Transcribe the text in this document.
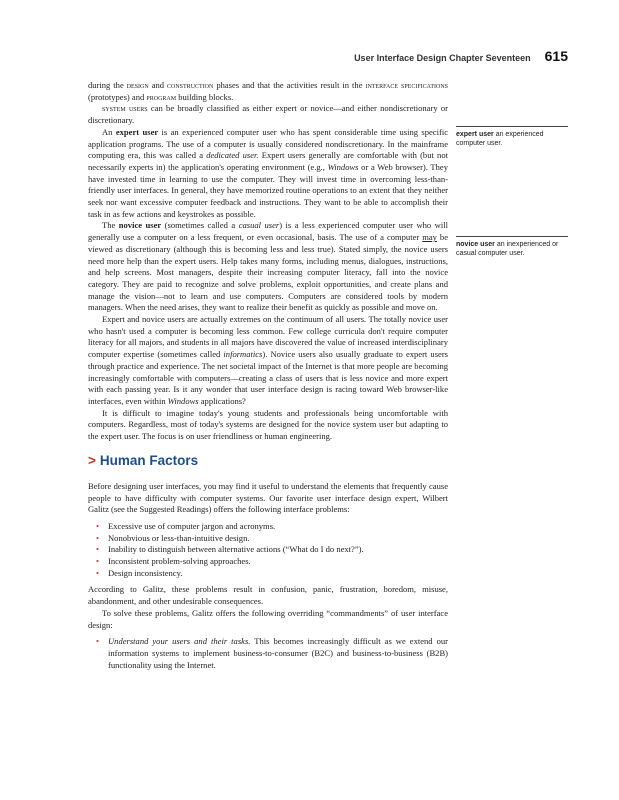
User Interface Design Chapter Seventeen 615

during the design and construction phases and that the activities result in the interface specifications (prototypes) and program building blocks.

system users can be broadly classified as either expert or novice—and either nondiscretionary or discretionary.

An expert user is an experienced computer user who has spent considerable time using specific application programs. The use of a computer is usually considered nondiscretionary. In the mainframe computing era, this was called a dedicated user. Expert users generally are comfortable with (but not necessarily experts in) the application's operating environment (e.g., Windows or a Web browser). They have invested time in learning to use the computer. They will invest time in overcoming less-than-friendly user interfaces. In general, they have memorized routine operations to an extent that they neither seek nor want excessive computer feedback and instructions. They want to be able to accomplish their task in as few actions and keystrokes as possible.

The novice user (sometimes called a casual user) is a less experienced computer user who will generally use a computer on a less frequent, or even occasional, basis. The use of a computer may be viewed as discretionary (although this is becoming less and less true). Stated simply, the novice users need more help than the expert users. Help takes many forms, including menus, dialogues, instructions, and help screens. Most managers, despite their increasing computer literacy, fall into the novice category. They are paid to recognize and solve problems, exploit opportunities, and create plans and manage the vision—not to learn and use computers. Computers are considered tools by modern managers. When the need arises, they want to realize their benefit as quickly as possible and move on.

Expert and novice users are actually extremes on the continuum of all users. The totally novice user who hasn't used a computer is becoming less common. Few college curricula don't require computer literacy for all majors, and students in all majors have discovered the value of increased interdisciplinary computer expertise (sometimes called informatics). Novice users also usually graduate to expert users through practice and experience. The net societal impact of the Internet is that more people are becoming increasingly comfortable with computers—creating a class of users that is less novice and more expert with each passing year. Is it any wonder that user interface design is racing toward Web browser-like interfaces, even within Windows applications?

It is difficult to imagine today's young students and professionals being uncomfortable with computers. Regardless, most of today's systems are designed for the novice system user but adapting to the expert user. The focus is on user friendliness or human engineering.

> Human Factors

Before designing user interfaces, you may find it useful to understand the elements that frequently cause people to have difficulty with computer systems. Our favorite user interface design expert, Wilbert Galitz (see the Suggested Readings) offers the following interface problems:

• Excessive use of computer jargon and acronyms.
• Nonobvious or less-than-intuitive design.
• Inability to distinguish between alternative actions (“What do I do next?”).
• Inconsistent problem-solving approaches.
• Design inconsistency.

According to Galitz, these problems result in confusion, panic, frustration, boredom, misuse, abandonment, and other undesirable consequences.

To solve these problems, Galitz offers the following overriding “commandments” of user interface design:

• Understand your users and their tasks. This becomes increasingly difficult as we extend our information systems to implement business-to-consumer (B2C) and business-to-business (B2B) functionality using the Internet.
expert user an experienced computer user.
novice user an inexperienced or casual computer user.
